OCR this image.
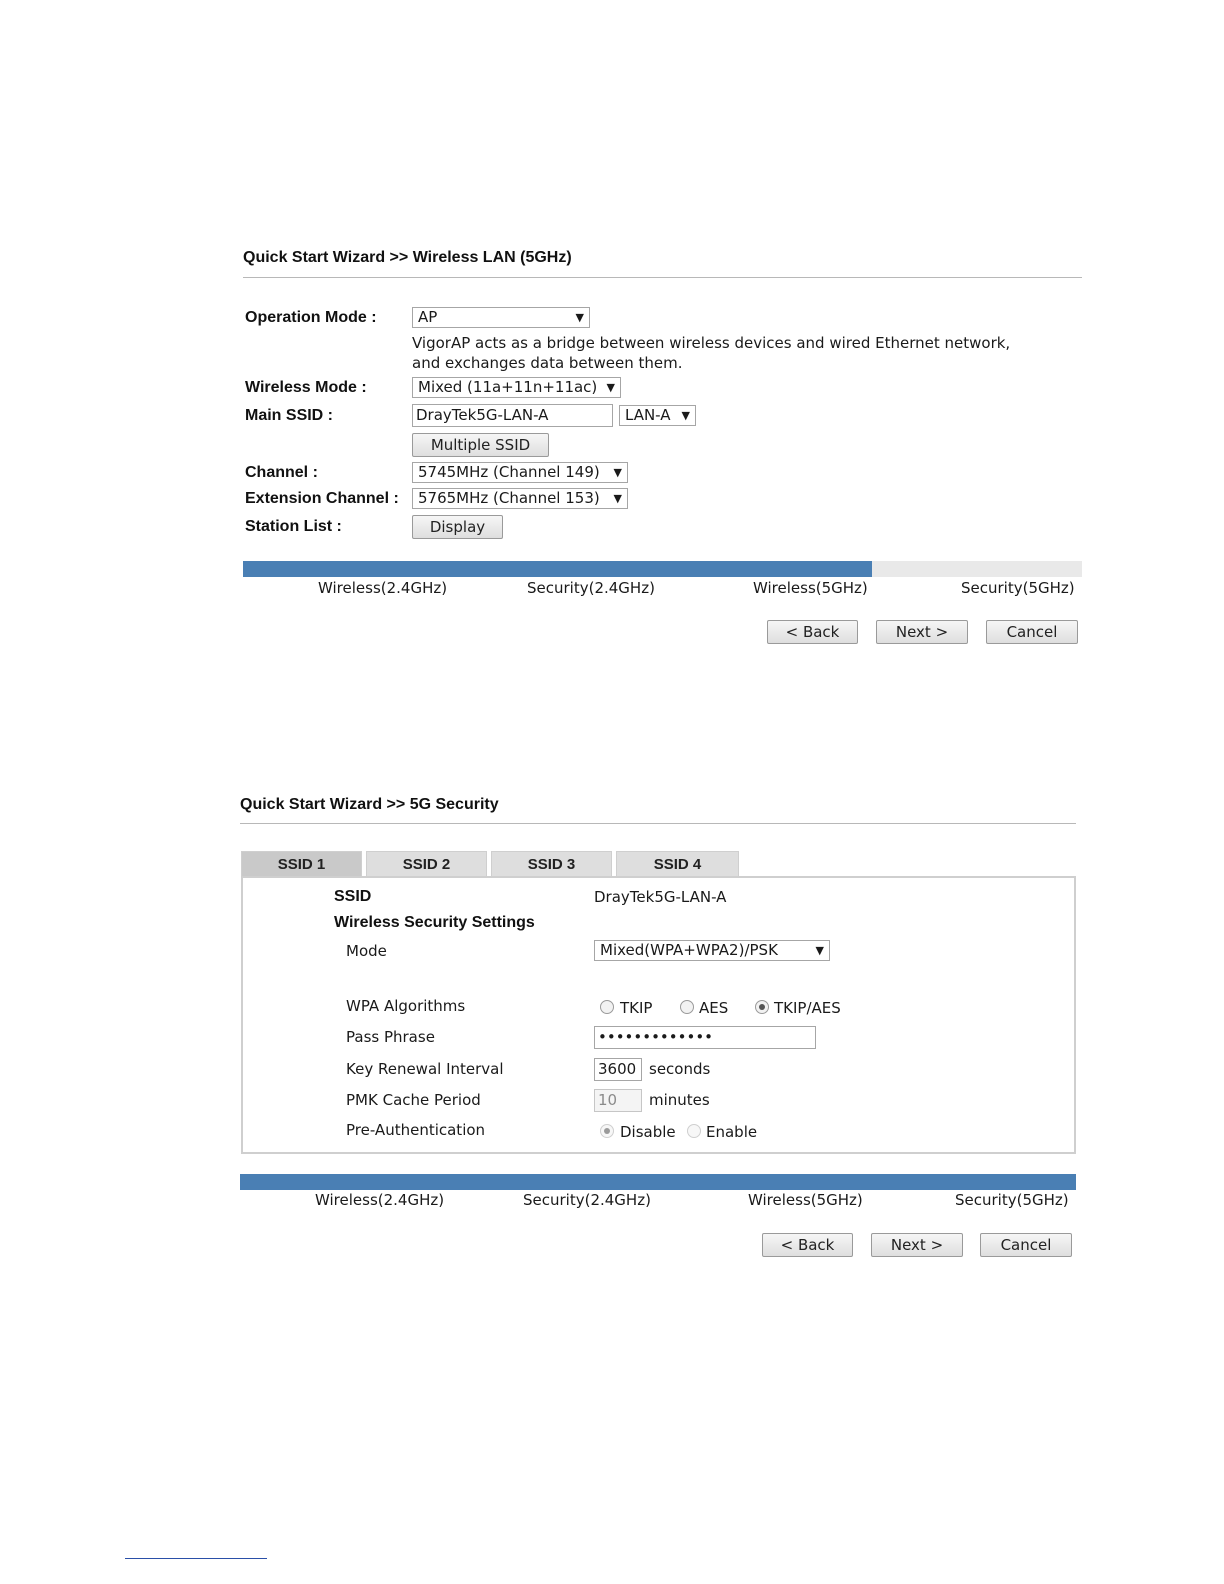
Quick Start Wizard >> Wireless LAN (5GHz)
Operation Mode :	AP	▼
VigorAP acts as a bridge between wireless devices and wired Ethernet network,
and exchanges data between them.
Wireless Mode :	Mixed (11a+11n+11ac) ▼
Main SSID :	DrayTek5G-LAN-A	LAN-A ▼
Multiple SSID
Channel :	5745MHz (Channel 149) ▼
Extension Channel :	5765MHz (Channel 153) ▼
Station List :	Display
Wireless(2.4GHz)	Security(2.4GHz)	Wireless(5GHz)	Security(5GHz)
< Back	Next >	Cancel
Quick Start Wizard >> 5G Security
SSID 1	SSID 2	SSID 3	SSID 4
SSID	DrayTek5G-LAN-A
Wireless Security Settings
Mode	Mixed(WPA+WPA2)/PSK	▼
WPA Algorithms	TKIP	AES	TKIP/AES
Pass Phrase	•••••••••••••
Key Renewal Interval	3600 seconds
PMK Cache Period	10	minutes
Pre-Authentication	Disable Enable
Wireless(2.4GHz)	Security(2.4GHz)	Wireless(5GHz)	Security(5GHz)
< Back	Next >	Cancel
